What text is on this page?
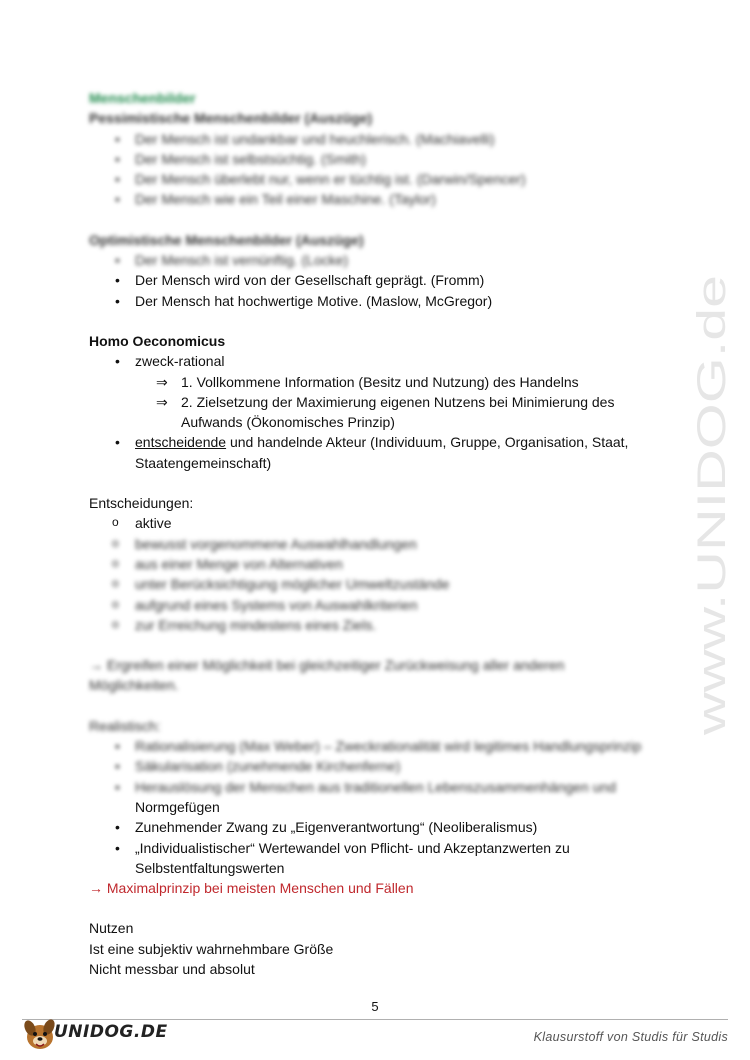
Menschenbilder
Pessimistische Menschenbilder (Auszüge)
• Der Mensch ist undankbar und heuchlerisch. (Machiavelli)
• Der Mensch ist selbstsüchtig. (Smith)
• Der Mensch überlebt nur, wenn er tüchtig ist. (Darwin/Spencer)
• Der Mensch wie ein Teil einer Maschine. (Taylor)
Optimistische Menschenbilder (Auszüge)
• Der Mensch ist vernünftig. (Locke)
• Der Mensch wird von der Gesellschaft geprägt. (Fromm)
• Der Mensch hat hochwertige Motive. (Maslow, McGregor)
Homo Oeconomicus
• zweck-rational
⇒ 1. Vollkommene Information (Besitz und Nutzung) des Handelns
⇒ 2. Zielsetzung der Maximierung eigenen Nutzens bei Minimierung des
Aufwands (Ökonomisches Prinzip)
• entscheidende und handelnde Akteur (Individuum, Gruppe, Organisation, Staat,
Staatengemeinschaft)
Entscheidungen:
o aktive
o bewusst vorgenommene Auswahlhandlungen
o aus einer Menge von Alternativen
o unter Berücksichtigung möglicher Umweltzustände
o aufgrund eines Systems von Auswahlkriterien
o zur Erreichung mindestens eines Ziels.
→ Ergreifen einer Möglichkeit bei gleichzeitiger Zurückweisung aller anderen
Möglichkeiten.
Realistisch:
• Rationalisierung (Max Weber) – Zweckrationalität wird legitimes Handlungsprinzip
• Säkularisation (zunehmende Kirchenferne)
• Herauslösung der Menschen aus traditionellen Lebenszusammenhängen und
Normgefügen
• Zunehmender Zwang zu „Eigenverantwortung“ (Neoliberalismus)
• „Individualistischer“ Wertewandel von Pflicht- und Akzeptanzwerten zu
Selbstentfaltungswerten
→ Maximalprinzip bei meisten Menschen und Fällen
Nutzen
Ist eine subjektiv wahrnehmbare Größe
Nicht messbar und absolut
www.UNIDOG.de
5
UNIDOG.DE	Klausurstoff von Studis für Studis
